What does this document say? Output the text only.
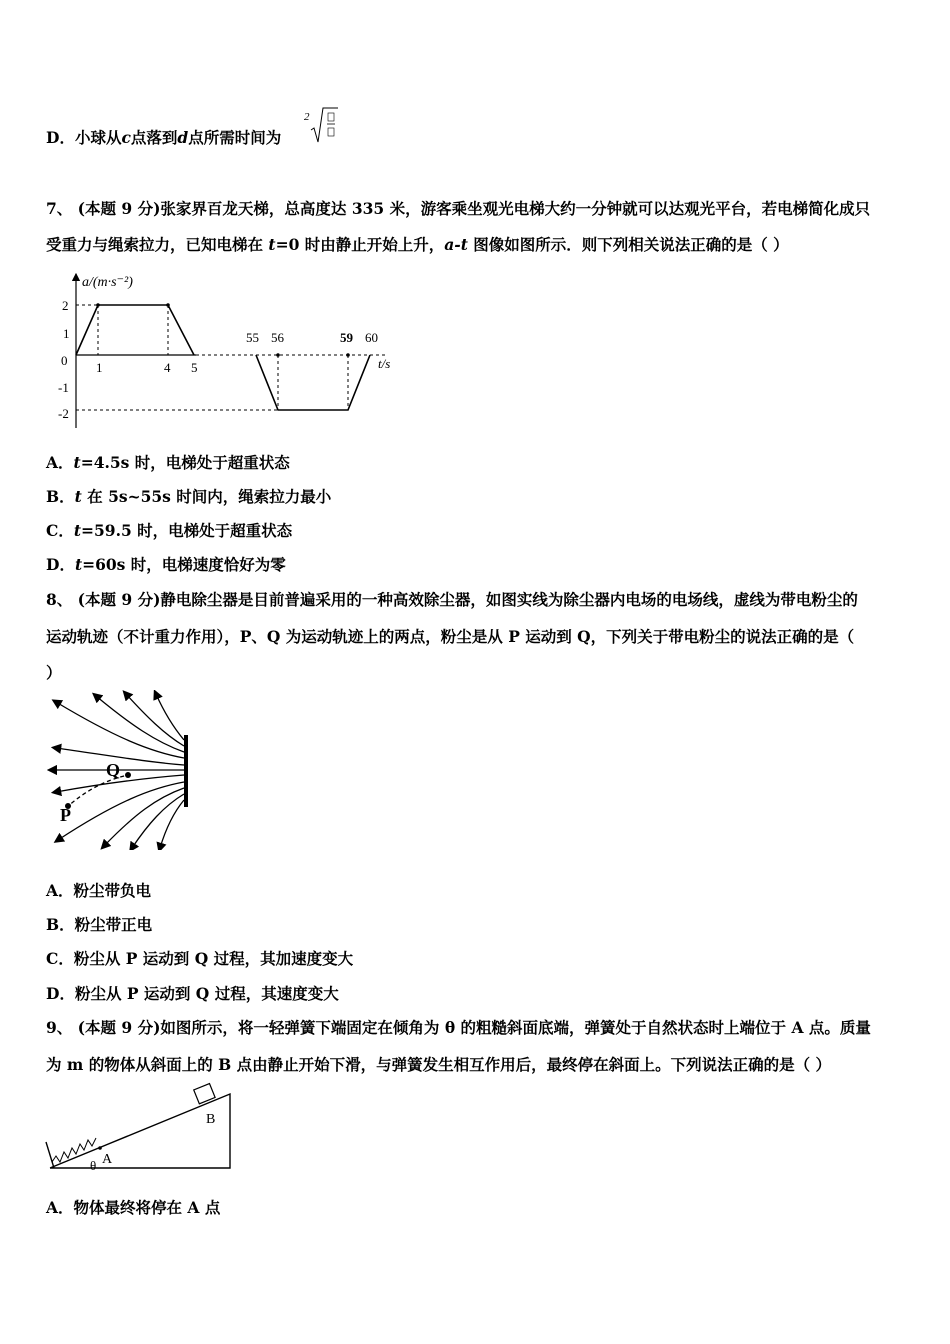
D．小球从c点落到d点所需时间为
2
7、 (本题 9 分)张家界百龙天梯，总高度达 335 米，游客乘坐观光电梯大约一分钟就可以达观光平台，若电梯简化成只
受重力与绳索拉力，已知电梯在 t=0 时由静止开始上升，a-t 图像如图所示．则下列相关说法正确的是（ ）
a/(m·s⁻²)
t/s
2
1
0
-1
-2
1	4 5
55 56	59 60
A．t=4.5s 时，电梯处于超重状态
B．t 在 5s~55s 时间内，绳索拉力最小
C．t=59.5 时，电梯处于超重状态
D．t=60s 时，电梯速度恰好为零
8、 (本题 9 分)静电除尘器是目前普遍采用的一种高效除尘器，如图实线为除尘器内电场的电场线，虚线为带电粉尘的
运动轨迹（不计重力作用），P、Q 为运动轨迹上的两点，粉尘是从 P 运动到 Q，下列关于带电粉尘的说法正确的是（
）
P
Q
A．粉尘带负电
B．粉尘带正电
C．粉尘从 P 运动到 Q 过程，其加速度变大
D．粉尘从 P 运动到 Q 过程，其速度变大
9、 (本题 9 分)如图所示，将一轻弹簧下端固定在倾角为 θ 的粗糙斜面底端，弹簧处于自然状态时上端位于 A 点。质量
为 m 的物体从斜面上的 B 点由静止开始下滑，与弹簧发生相互作用后，最终停在斜面上。下列说法正确的是（ ）
A
θ
B
A．物体最终将停在 A 点
